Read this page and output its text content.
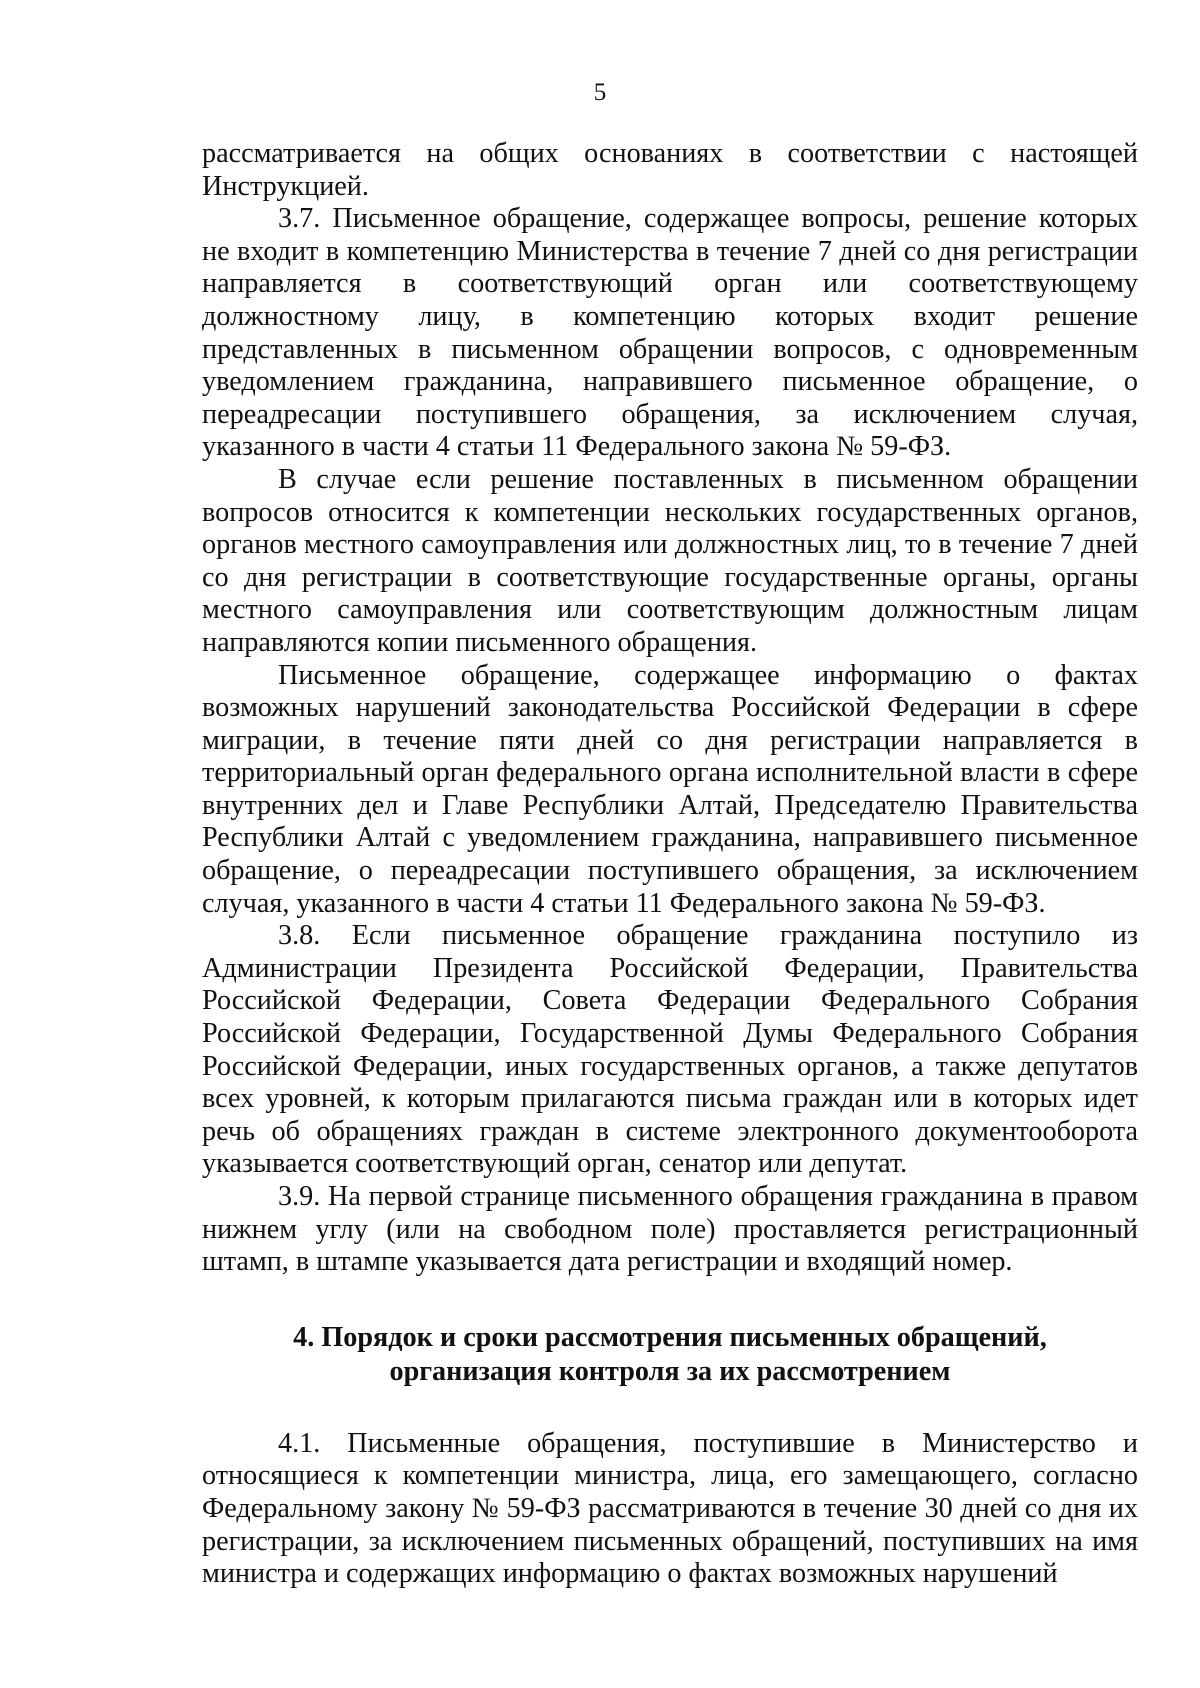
5

рассматривается на общих основаниях в соответствии с настоящей Инструкцией.

3.7. Письменное обращение, содержащее вопросы, решение которых не входит в компетенцию Министерства в течение 7 дней со дня регистрации направляется в соответствующий орган или соответствующему должностному лицу, в компетенцию которых входит решение представленных в письменном обращении вопросов, с одновременным уведомлением гражданина, направившего письменное обращение, о переадресации поступившего обращения, за исключением случая, указанного в части 4 статьи 11 Федерального закона № 59-ФЗ.

В случае если решение поставленных в письменном обращении вопросов относится к компетенции нескольких государственных органов, органов местного самоуправления или должностных лиц, то в течение 7 дней со дня регистрации в соответствующие государственные органы, органы местного самоуправления или соответствующим должностным лицам направляются копии письменного обращения.

Письменное обращение, содержащее информацию о фактах возможных нарушений законодательства Российской Федерации в сфере миграции, в течение пяти дней со дня регистрации направляется в территориальный орган федерального органа исполнительной власти в сфере внутренних дел и Главе Республики Алтай, Председателю Правительства Республики Алтай с уведомлением гражданина, направившего письменное обращение, о переадресации поступившего обращения, за исключением случая, указанного в части 4 статьи 11 Федерального закона № 59-ФЗ.

3.8. Если письменное обращение гражданина поступило из Администрации Президента Российской Федерации, Правительства Российской Федерации, Совета Федерации Федерального Собрания Российской Федерации, Государственной Думы Федерального Собрания Российской Федерации, иных государственных органов, а также депутатов всех уровней, к которым прилагаются письма граждан или в которых идет речь об обращениях граждан в системе электронного документооборота указывается соответствующий орган, сенатор или депутат.

3.9. На первой странице письменного обращения гражданина в правом нижнем углу (или на свободном поле) проставляется регистрационный штамп, в штампе указывается дата регистрации и входящий номер.

4. Порядок и сроки рассмотрения письменных обращений,
организация контроля за их рассмотрением

4.1. Письменные обращения, поступившие в Министерство и относящиеся к компетенции министра, лица, его замещающего, согласно Федеральному закону № 59-ФЗ рассматриваются в течение 30 дней со дня их регистрации, за исключением письменных обращений, поступивших на имя министра и содержащих информацию о фактах возможных нарушений
